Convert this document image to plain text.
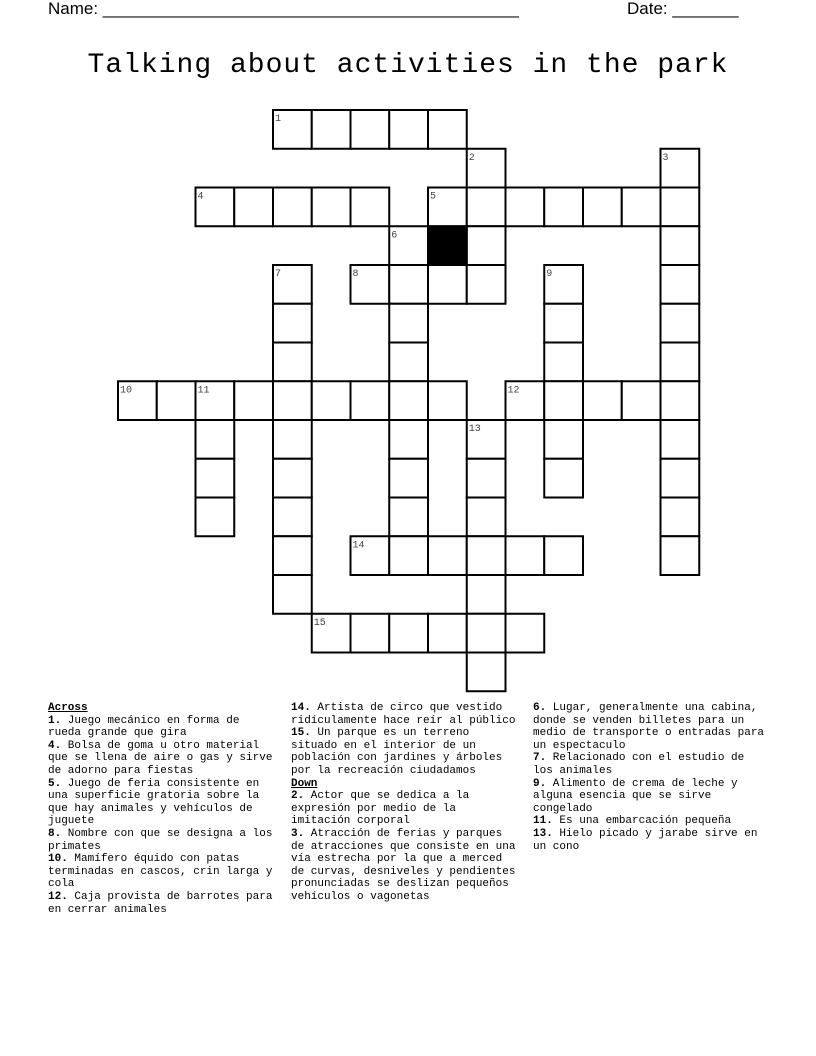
Name: ____________________________________________	Date: _______
Talking about activities in the park
1
2	3
4	5
6
7	8	9
10	11	12
13
14
15
Across
1. Juego mecánico en forma de rueda grande que gira
4. Bolsa de goma u otro material que se llena de aire o gas y sirve de adorno para fiestas
5. Juego de feria consistente en una superficie gratoria sobre la que hay animales y vehículos de juguete
8. Nombre con que se designa a los primates
10. Mamífero équido con patas terminadas en cascos, crin larga y cola
12. Caja provista de barrotes para en cerrar animales
14. Artista de circo que vestido ridículamente hace reír al público
15. Un parque es un terreno situado en el interior de un población con jardines y árboles por la recreación ciudadamos
Down
2. Actor que se dedica a la expresión por medio de la imitación corporal
3. Atracción de ferias y parques de atracciones que consiste en una vía estrecha por la que a merced de curvas, desniveles y pendientes pronunciadas se deslizan pequeños vehículos o vagonetas
6. Lugar, generalmente una cabina, donde se venden billetes para un medio de transporte o entradas para un espectaculo
7. Relacionado con el estudio de los animales
9. Alimento de crema de leche y alguna esencia que se sirve congelado
11. Es una embarcación pequeña
13. Hielo picado y jarabe sirve en un cono
